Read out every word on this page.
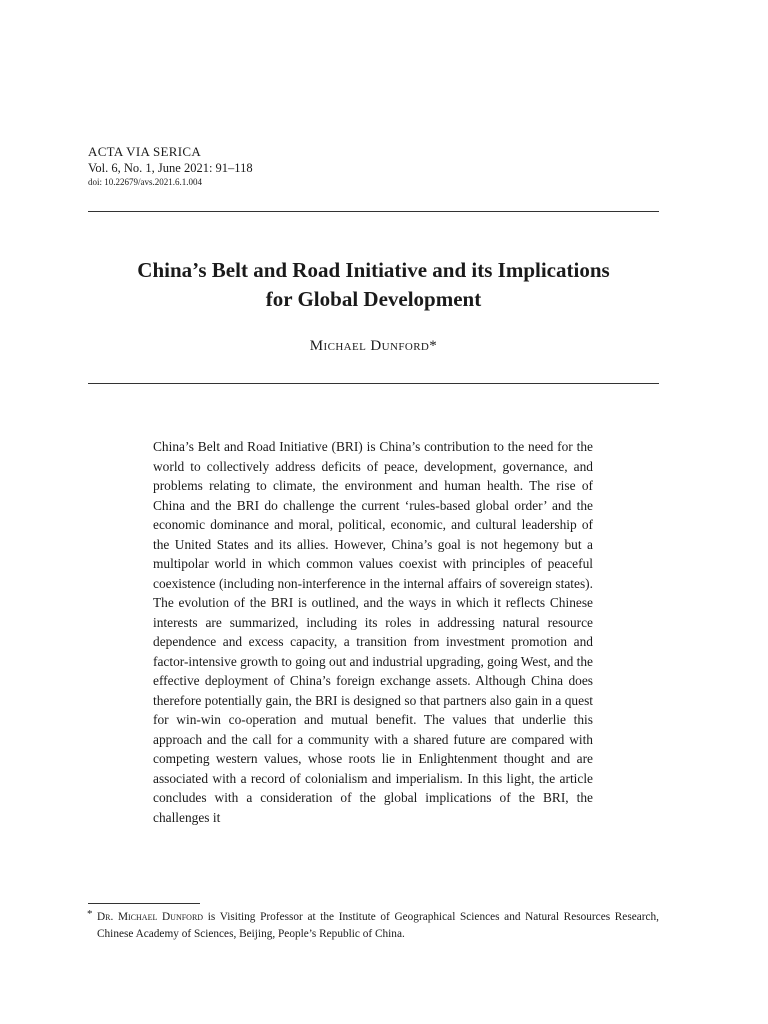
ACTA VIA SERICA
Vol. 6, No. 1, June 2021: 91–118
doi: 10.22679/avs.2021.6.1.004
China’s Belt and Road Initiative and its Implications
for Global Development
Michael Dunford*
China’s Belt and Road Initiative (BRI) is China’s contribution to the need for the world to collectively address deficits of peace, development, governance, and problems relating to climate, the environment and human health. The rise of China and the BRI do challenge the current ‘rules-based global order’ and the economic dominance and moral, political, economic, and cultural leadership of the United States and its allies. However, China’s goal is not hegemony but a multipolar world in which common values coexist with principles of peaceful coexistence (including non-interference in the internal affairs of sovereign states). The evolution of the BRI is outlined, and the ways in which it reflects Chinese interests are summarized, including its roles in addressing natural resource dependence and excess capacity, a transition from investment promotion and factor-intensive growth to going out and industrial upgrading, going West, and the effective deployment of China’s foreign exchange assets. Although China does therefore potentially gain, the BRI is designed so that partners also gain in a quest for win-win co-operation and mutual benefit. The values that underlie this approach and the call for a community with a shared future are compared with competing western values, whose roots lie in Enlightenment thought and are associated with a record of colonialism and imperialism. In this light, the article concludes with a consideration of the global implications of the BRI, the challenges it
* Dr. Michael Dunford is Visiting Professor at the Institute of Geographical Sciences and Natural Resources Research, Chinese Academy of Sciences, Beijing, People’s Republic of China.
